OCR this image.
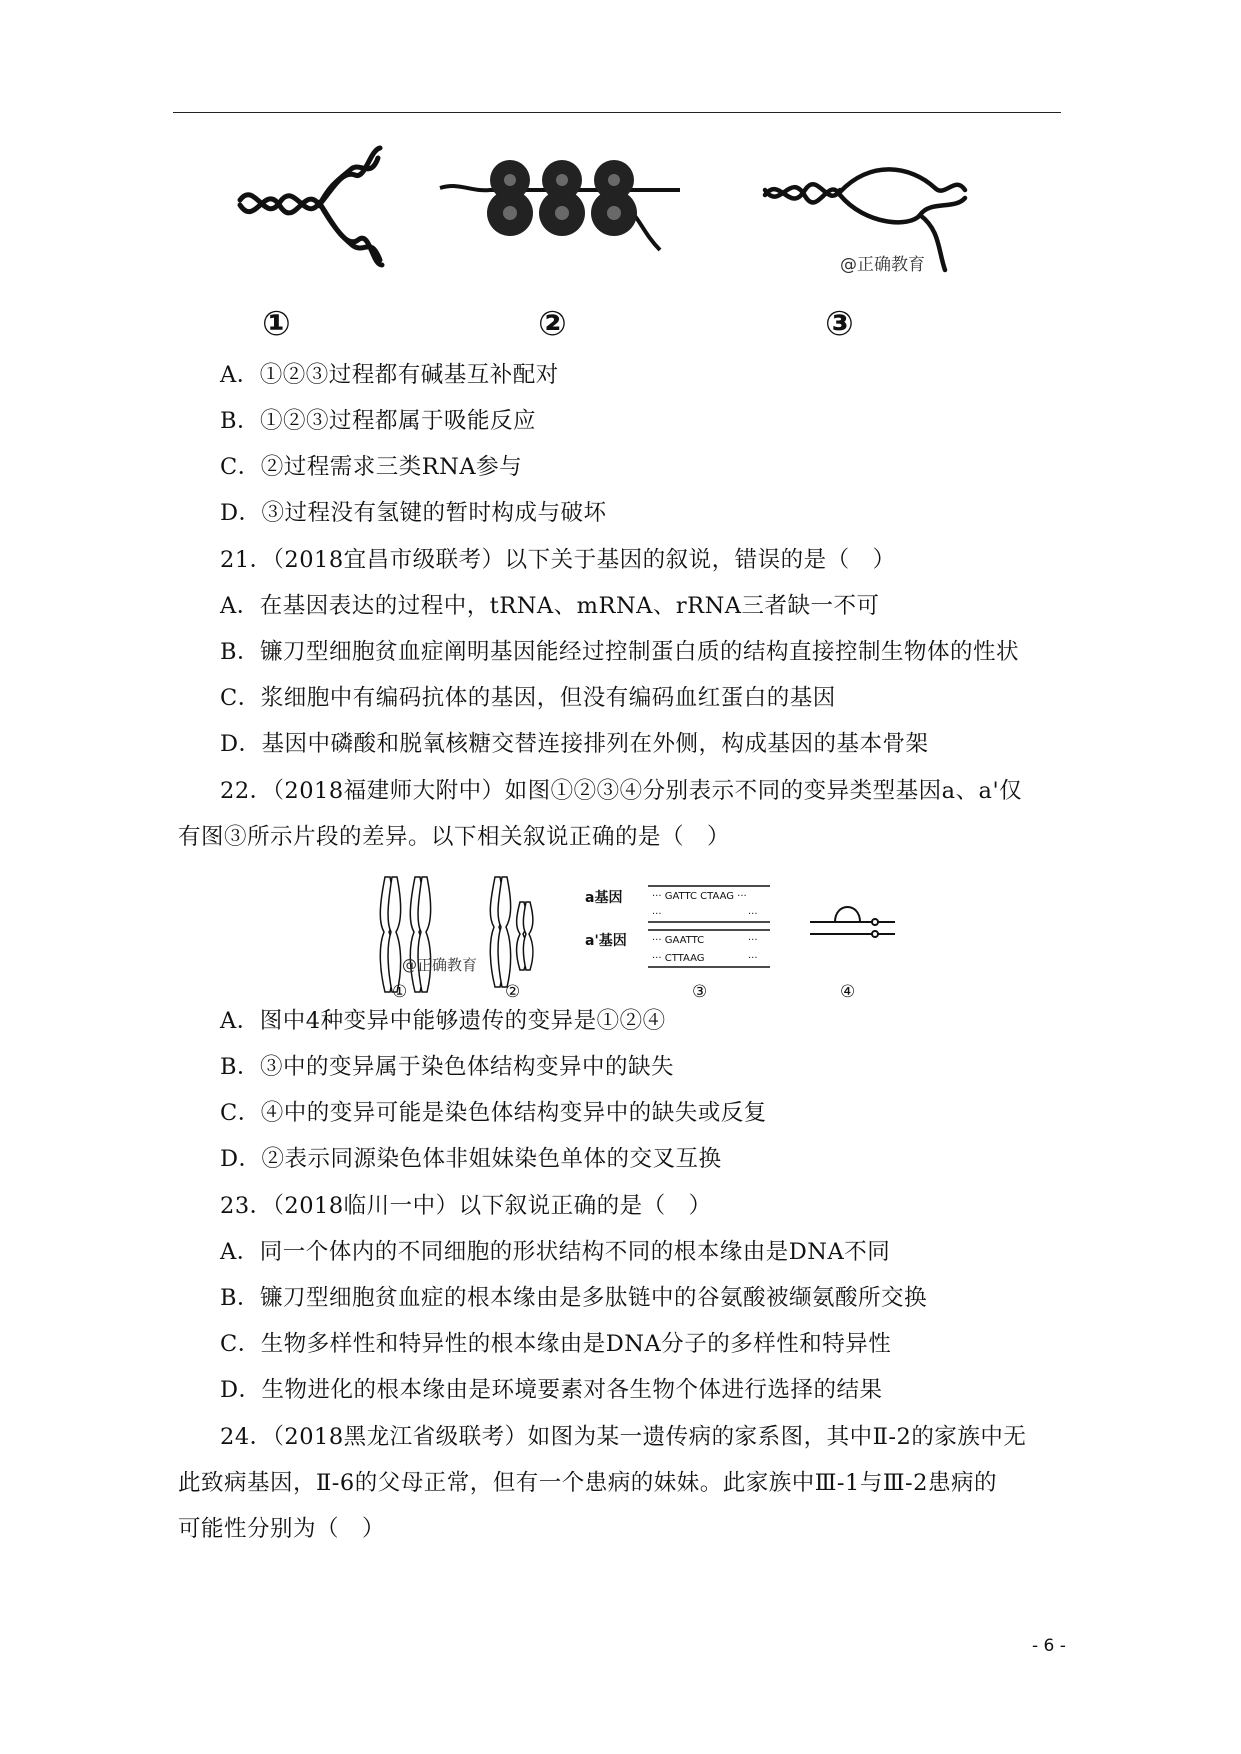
①	②
@正确教育
③
A．①②③过程都有碱基互补配对
B．①②③过程都属于吸能反应
C．②过程需求三类RNA参与
D．③过程没有氢键的暂时构成与破坏
21．（2018宜昌市级联考）以下关于基因的叙说，错误的是（　）
A．在基因表达的过程中，tRNA、mRNA、rRNA三者缺一不可
B．镰刀型细胞贫血症阐明基因能经过控制蛋白质的结构直接控制生物体的性状
C．浆细胞中有编码抗体的基因，但没有编码血红蛋白的基因
D．基因中磷酸和脱氧核糖交替连接排列在外侧，构成基因的基本骨架
22．（2018福建师大附中）如图①②③④分别表示不同的变异类型基因a、a'仅
有图③所示片段的差异。以下相关叙说正确的是（　）
①
@正确教育
②
a基因
a'基因
··· GATTC CTAAG ···
···	···
··· GAATTC	···
··· CTTAAG	···
③	④
A．图中4种变异中能够遗传的变异是①②④
B．③中的变异属于染色体结构变异中的缺失
C．④中的变异可能是染色体结构变异中的缺失或反复
D．②表示同源染色体非姐妹染色单体的交叉互换
23．（2018临川一中）以下叙说正确的是（　）
A．同一个体内的不同细胞的形状结构不同的根本缘由是DNA不同
B．镰刀型细胞贫血症的根本缘由是多肽链中的谷氨酸被缬氨酸所交换
C．生物多样性和特异性的根本缘由是DNA分子的多样性和特异性
D．生物进化的根本缘由是环境要素对各生物个体进行选择的结果
24．（2018黑龙江省级联考）如图为某一遗传病的家系图，其中Ⅱ-2的家族中无
此致病基因，Ⅱ-6的父母正常，但有一个患病的妹妹。此家族中Ⅲ-1与Ⅲ-2患病的
可能性分别为（　）
- 6 -
